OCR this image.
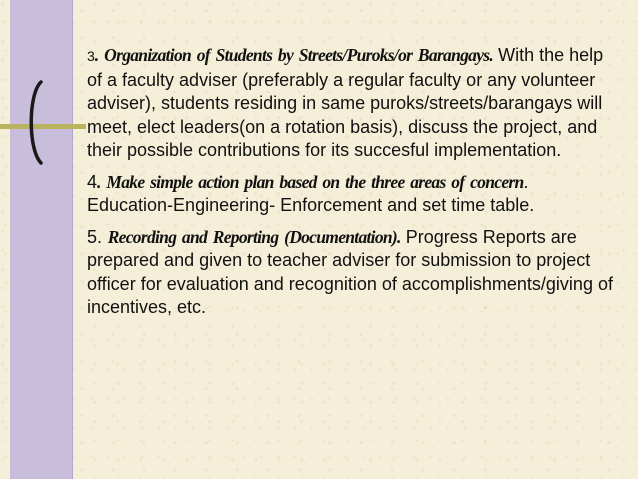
3. Organization of Students by Streets/Puroks/or Barangays. With the help of a faculty adviser (preferably a regular faculty or any volunteer adviser), students residing in same puroks/streets/barangays will meet, elect leaders(on a rotation basis), discuss the project, and their possible contributions for its succesful implementation.

4. Make simple action plan based on the three areas of concern. Education-Engineering- Enforcement and set time table.

5. Recording and Reporting (Documentation). Progress Reports are prepared and given to teacher adviser for submission to project officer for evaluation and recognition of accomplishments/giving of incentives, etc.
